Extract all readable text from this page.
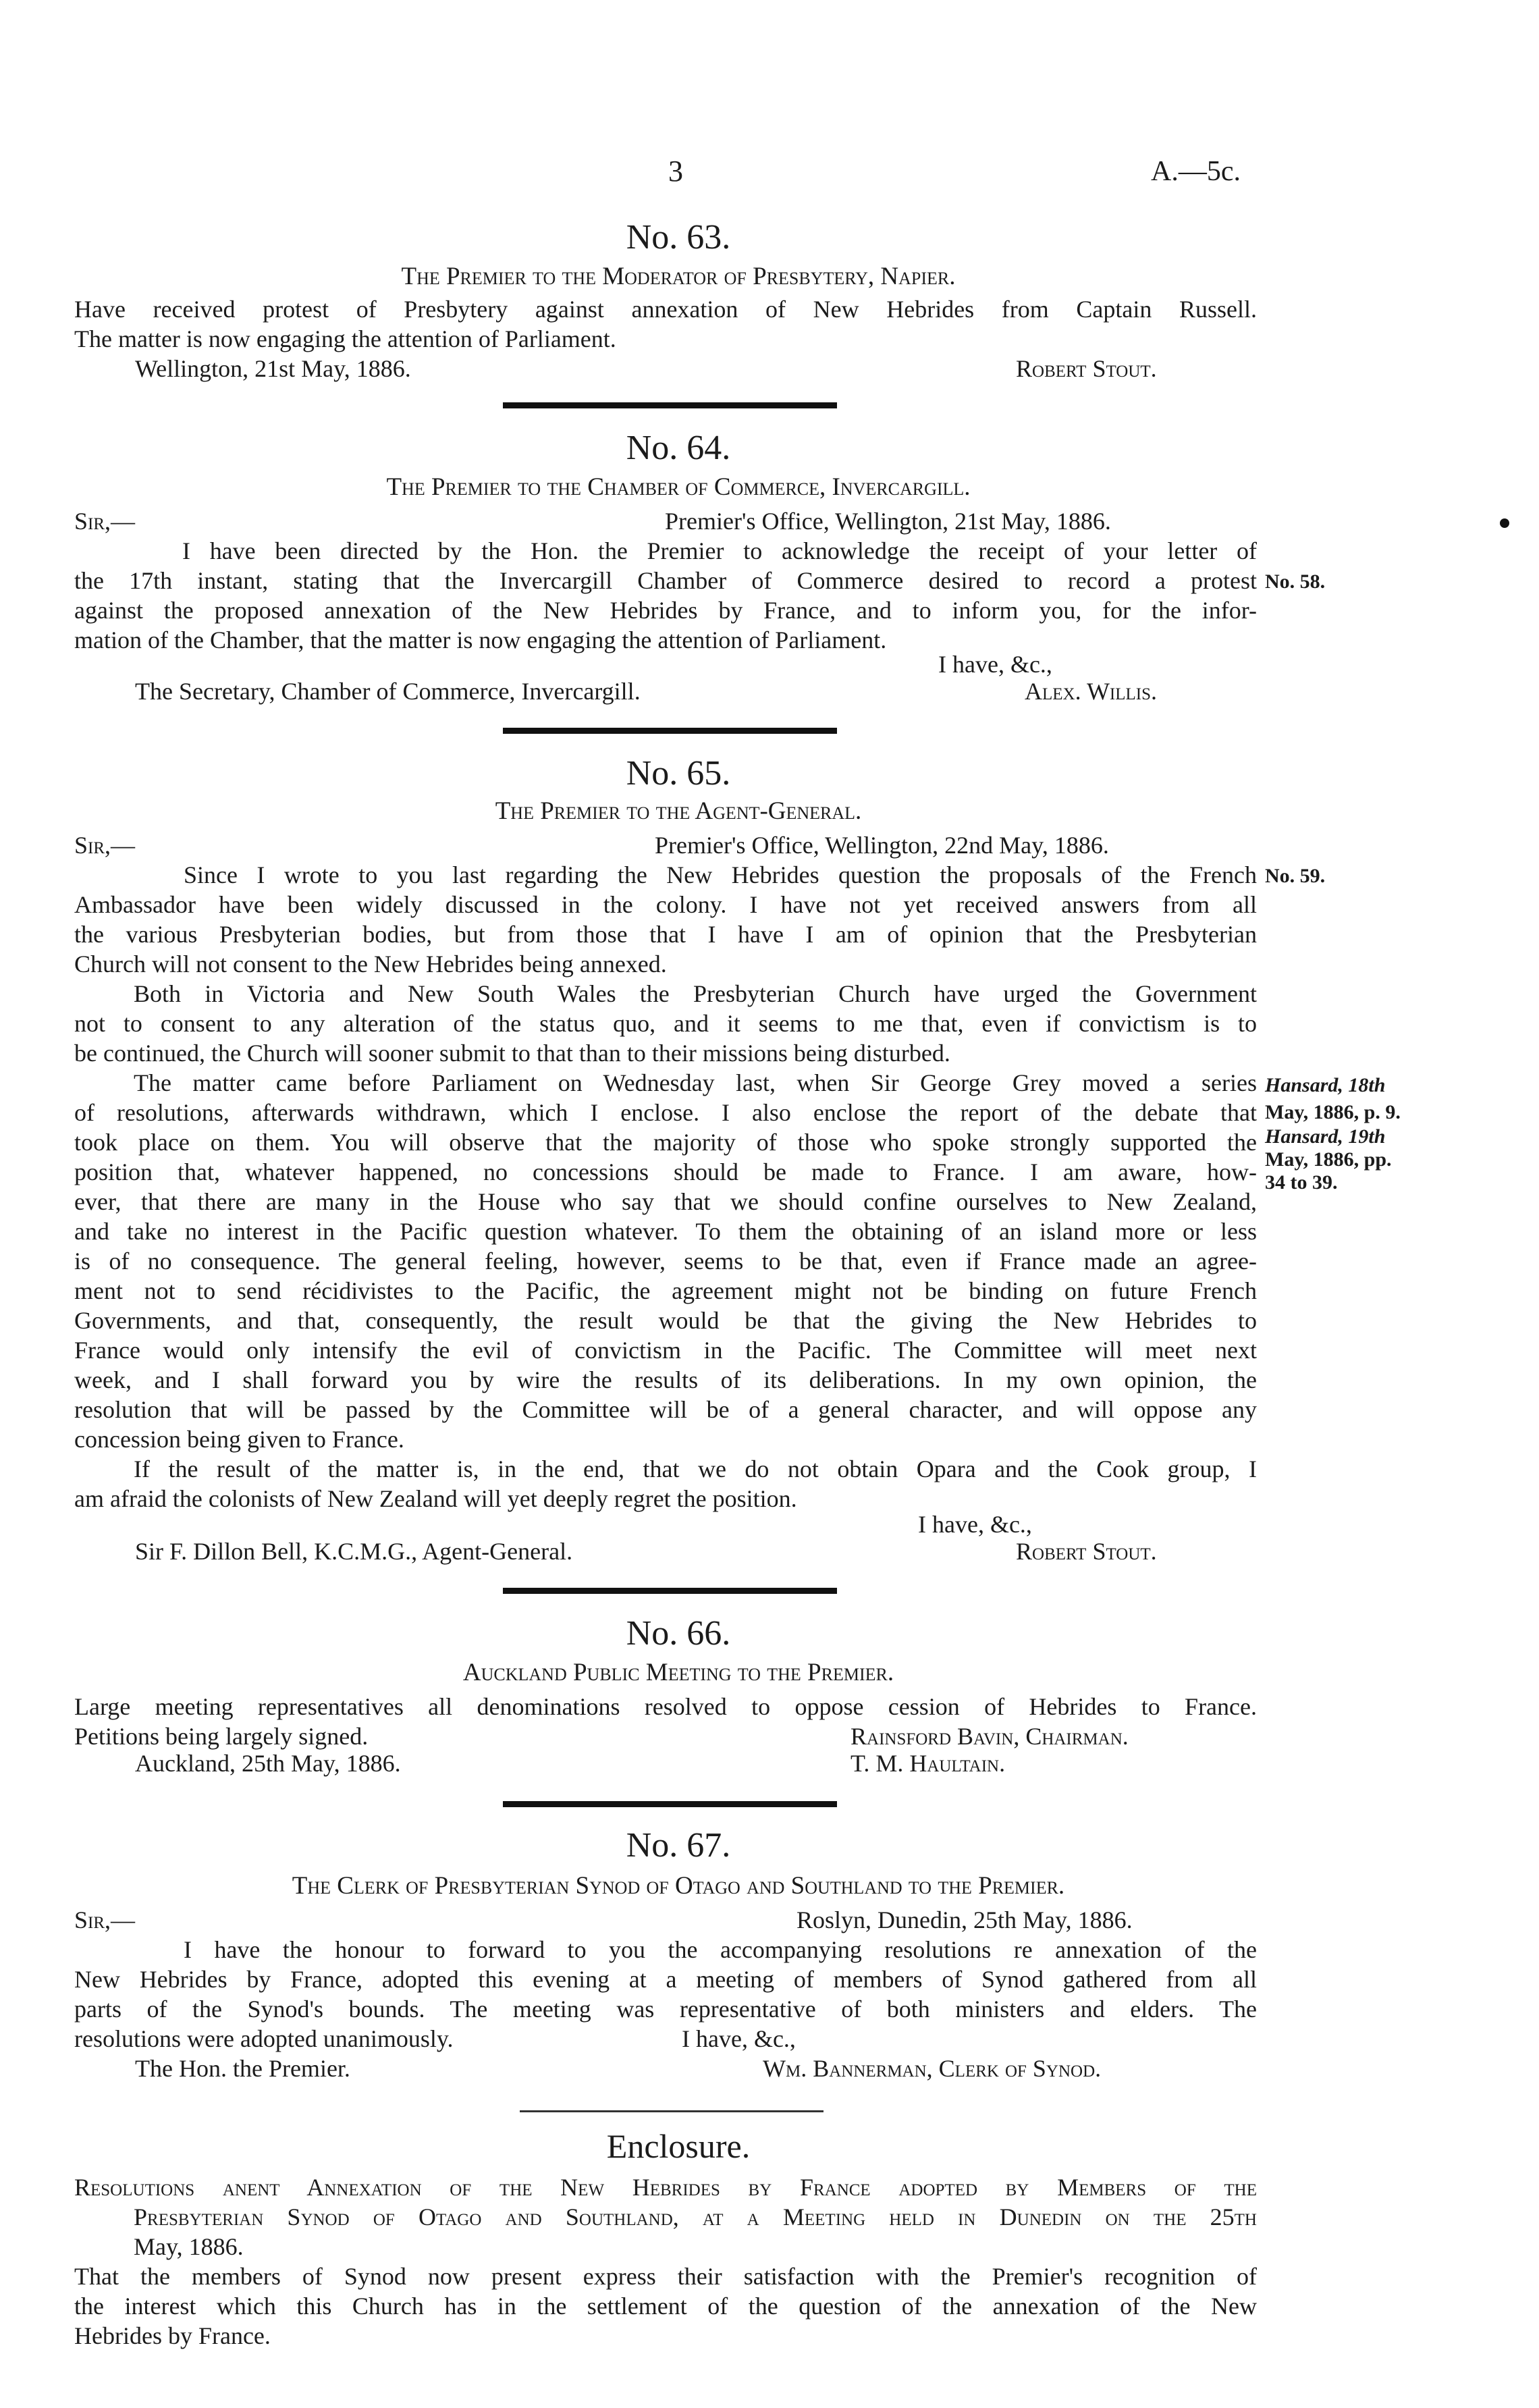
3	A.—5c.
No. 63.
The Premier to the Moderator of Presbytery, Napier.
Have received protest of Presbytery against annexation of New Hebrides from Captain Russell.
The matter is now engaging the attention of Parliament.
Wellington, 21st May, 1886.	Robert Stout.
No. 64.
The Premier to the Chamber of Commerce, Invercargill.
Sir,—	Premier's Office, Wellington, 21st May, 1886.
I have been directed by the Hon. the Premier to acknowledge the receipt of your letter of
the 17th instant, stating that the Invercargill Chamber of Commerce desired to record a protest No. 58.
against the proposed annexation of the New Hebrides by France, and to inform you, for the infor-
mation of the Chamber, that the matter is now engaging the attention of Parliament.
I have, &c.,
The Secretary, Chamber of Commerce, Invercargill.	Alex. Willis.
No. 65.
The Premier to the Agent-General.
Sir,—	Premier's Office, Wellington, 22nd May, 1886.
Since I wrote to you last regarding the New Hebrides question the proposals of the French No. 59.
Ambassador have been widely discussed in the colony. I have not yet received answers from all
the various Presbyterian bodies, but from those that I have I am of opinion that the Presbyterian
Church will not consent to the New Hebrides being annexed.
Both in Victoria and New South Wales the Presbyterian Church have urged the Government
not to consent to any alteration of the status quo, and it seems to me that, even if convictism is to
be continued, the Church will sooner submit to that than to their missions being disturbed.
The matter came before Parliament on Wednesday last, when Sir George Grey moved a series
of resolutions, afterwards withdrawn, which I enclose. I also enclose the report of the debate that
took place on them. You will observe that the majority of those who spoke strongly supported the
position that, whatever happened, no concessions should be made to France. I am aware, how-
ever, that there are many in the House who say that we should confine ourselves to New Zealand,
and take no interest in the Pacific question whatever. To them the obtaining of an island more or less
is of no consequence. The general feeling, however, seems to be that, even if France made an agree-
ment not to send récidivistes to the Pacific, the agreement might not be binding on future French
Governments, and that, consequently, the result would be that the giving the New Hebrides to
France would only intensify the evil of convictism in the Pacific. The Committee will meet next
week, and I shall forward you by wire the results of its deliberations. In my own opinion, the
resolution that will be passed by the Committee will be of a general character, and will oppose any
concession being given to France.
If the result of the matter is, in the end, that we do not obtain Opara and the Cook group, I
am afraid the colonists of New Zealand will yet deeply regret the position.
Hansard, 18th
May, 1886, p. 9.
Hansard, 19th
May, 1886, pp.
34 to 39.
I have, &c.,
Sir F. Dillon Bell, K.C.M.G., Agent-General.	Robert Stout.
No. 66.
Auckland Public Meeting to the Premier.
Large meeting representatives all denominations resolved to oppose cession of Hebrides to France.
Petitions being largely signed.	Rainsford Bavin, Chairman.
Auckland, 25th May, 1886.	T. M. Haultain.
No. 67.
The Clerk of Presbyterian Synod of Otago and Southland to the Premier.
Sir,—	Roslyn, Dunedin, 25th May, 1886.
I have the honour to forward to you the accompanying resolutions re annexation of the
New Hebrides by France, adopted this evening at a meeting of members of Synod gathered from all
parts of the Synod's bounds. The meeting was representative of both ministers and elders. The
resolutions were adopted unanimously.	I have, &c.,
The Hon. the Premier.	Wm. Bannerman, Clerk of Synod.
Enclosure.
Resolutions anent Annexation of the New Hebrides by France adopted by Members of the
Presbyterian Synod of Otago and Southland, at a Meeting held in Dunedin on the 25th
May, 1886.
That the members of Synod now present express their satisfaction with the Premier's recognition of
the interest which this Church has in the settlement of the question of the annexation of the New
Hebrides by France.
